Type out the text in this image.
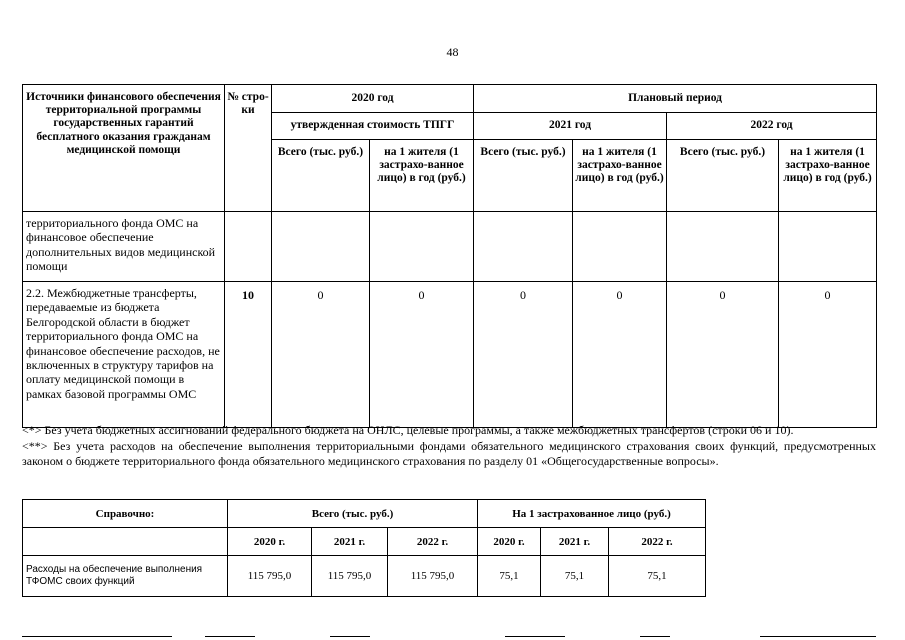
48
Источники финансового обеспечения территориальной программы государственных гарантий бесплатного оказания гражданам медицинской помощи	№ стро-ки	2020 год		Плановый период			
		утвержденная стоимость ТПГГ		2021 год		2022 год	
		Всего (тыс. руб.)	на 1 жителя (1 застрахо-ванное лицо) в год (руб.)	Всего (тыс. руб.)	на 1 жителя (1 застрахо-ванное лицо) в год (руб.)	Всего (тыс. руб.)	на 1 жителя (1 застрахо-ванное лицо) в год (руб.)
территориального фонда ОМС на финансовое обеспечение дополнительных видов медицинской помощи							
2.2. Межбюджетные трансферты, передаваемые из бюджета Белгородской области в бюджет территориального фонда ОМС на финансовое обеспечение расходов, не включенных в структуру тарифов на оплату медицинской помощи в рамках базовой программы ОМС	10	0	0	0	0	0	0

<*> Без учета бюджетных ассигнований федерального бюджета на ОНЛС, целевые программы, а также межбюджетных трансфертов (строки 06 и 10).

<**> Без учета расходов на обеспечение выполнения территориальными фондами обязательного медицинского страхования своих функций, предусмотренных законом о бюджете территориального фонда обязательного медицинского страхования по разделу 01 «Общегосударственные вопросы».

Справочно:	Всего (тыс. руб.)			На 1 застрахованное лицо (руб.)		
	2020 г.	2021 г.	2022 г.	2020 г.	2021 г.	2022 г.
Расходы на обеспечение выполнения ТФОМС своих функций	115 795,0	115 795,0	115 795,0	75,1	75,1	75,1
